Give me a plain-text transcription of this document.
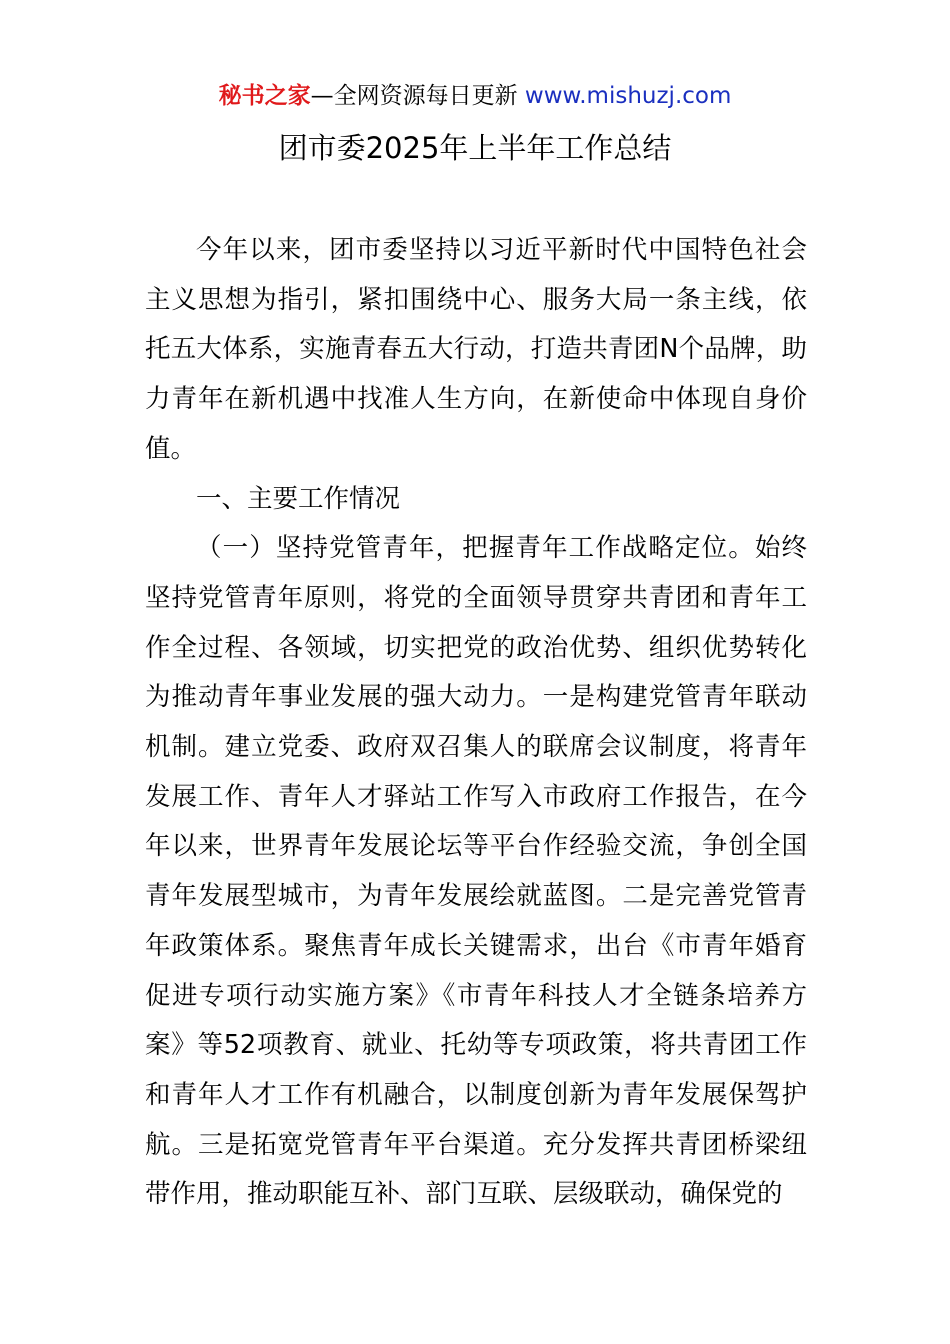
秘书之家—全网资源每日更新 www.mishuzj.com
团市委2025年上半年工作总结

今年以来，团市委坚持以习近平新时代中国特色社会主义思想为指引，紧扣围绕中心、服务大局一条主线，依托五大体系，实施青春五大行动，打造共青团N个品牌，助力青年在新机遇中找准人生方向，在新使命中体现自身价值。

一、主要工作情况

（一）坚持党管青年，把握青年工作战略定位。始终坚持党管青年原则，将党的全面领导贯穿共青团和青年工作全过程、各领域，切实把党的政治优势、组织优势转化为推动青年事业发展的强大动力。一是构建党管青年联动机制。建立党委、政府双召集人的联席会议制度，将青年发展工作、青年人才驿站工作写入市政府工作报告，在今年以来，世界青年发展论坛等平台作经验交流，争创全国青年发展型城市，为青年发展绘就蓝图。二是完善党管青年政策体系。聚焦青年成长关键需求，出台《市青年婚育促进专项行动实施方案》《市青年科技人才全链条培养方案》等52项教育、就业、托幼等专项政策，将共青团工作和青年人才工作有机融合，以制度创新为青年发展保驾护航。三是拓宽党管青年平台渠道。充分发挥共青团桥梁纽带作用，推动职能互补、部门互联、层级联动，确保党的
